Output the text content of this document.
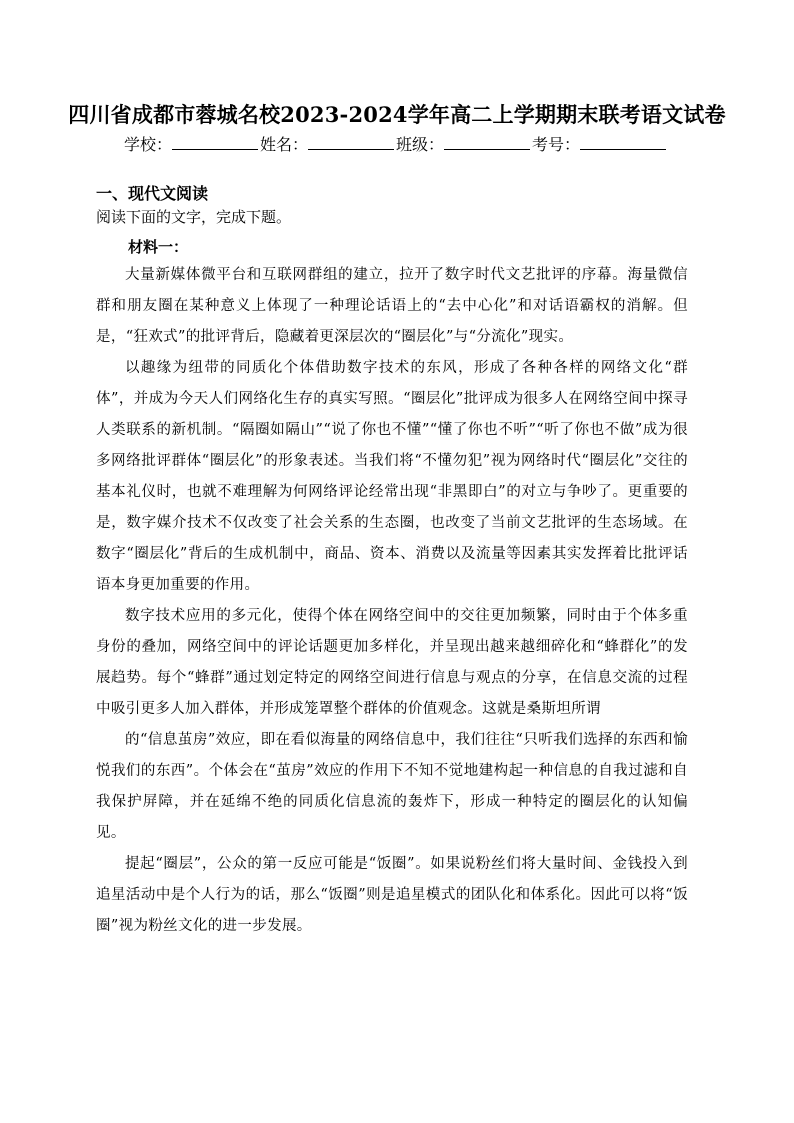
四川省成都市蓉城名校2023-2024学年高二上学期期末联考语文试卷
学校：	姓名：	班级：	考号：
一、现代文阅读
阅读下面的文字，完成下题。
材料一：

大量新媒体微平台和互联网群组的建立，拉开了数字时代文艺批评的序幕。海量微信群和朋友圈在某种意义上体现了一种理论话语上的“去中心化”和对话语霸权的消解。但是，“狂欢式”的批评背后，隐藏着更深层次的“圈层化”与“分流化”现实。

以趣缘为纽带的同质化个体借助数字技术的东风，形成了各种各样的网络文化“群体”，并成为今天人们网络化生存的真实写照。“圈层化”批评成为很多人在网络空间中探寻人类联系的新机制。“隔圈如隔山”“说了你也不懂”“懂了你也不听”“听了你也不做”成为很多网络批评群体“圈层化”的形象表述。当我们将“不懂勿犯”视为网络时代“圈层化”交往的基本礼仪时，也就不难理解为何网络评论经常出现“非黑即白”的对立与争吵了。更重要的是，数字媒介技术不仅改变了社会关系的生态圈，也改变了当前文艺批评的生态场域。在数字“圈层化”背后的生成机制中，商品、资本、消费以及流量等因素其实发挥着比批评话语本身更加重要的作用。

数字技术应用的多元化，使得个体在网络空间中的交往更加频繁，同时由于个体多重身份的叠加，网络空间中的评论话题更加多样化，并呈现出越来越细碎化和“蜂群化”的发展趋势。每个“蜂群”通过划定特定的网络空间进行信息与观点的分享，在信息交流的过程中吸引更多人加入群体，并形成笼罩整个群体的价值观念。这就是桑斯坦所谓

的“信息茧房”效应，即在看似海量的网络信息中，我们往往“只听我们选择的东西和愉悦我们的东西”。个体会在“茧房”效应的作用下不知不觉地建构起一种信息的自我过滤和自我保护屏障，并在延绵不绝的同质化信息流的轰炸下，形成一种特定的圈层化的认知偏见。

提起“圈层”，公众的第一反应可能是“饭圈”。如果说粉丝们将大量时间、金钱投入到追星活动中是个人行为的话，那么“饭圈”则是追星模式的团队化和体系化。因此可以将“饭圈”视为粉丝文化的进一步发展。
